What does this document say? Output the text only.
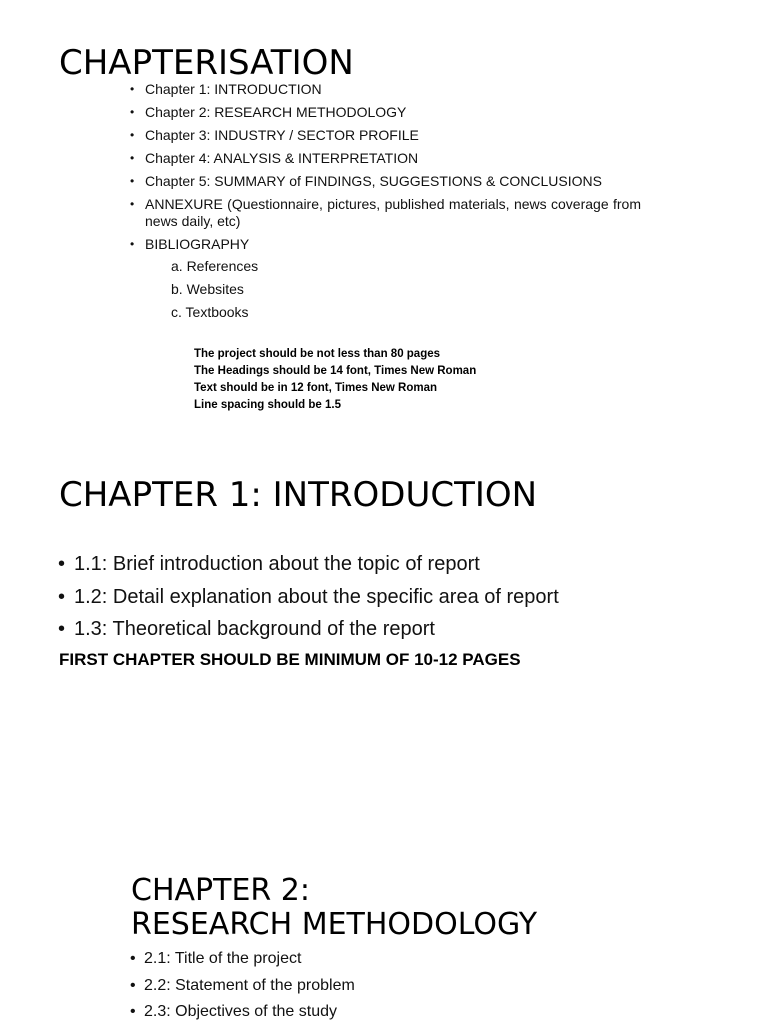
CHAPTERISATION
• Chapter 1: INTRODUCTION
• Chapter 2: RESEARCH METHODOLOGY
• Chapter 3: INDUSTRY / SECTOR PROFILE
• Chapter 4: ANALYSIS & INTERPRETATION
• Chapter 5: SUMMARY of FINDINGS, SUGGESTIONS & CONCLUSIONS
• ANNEXURE (Questionnaire, pictures, published materials, news coverage from news daily, etc)
• BIBLIOGRAPHY
a. References
b. Websites
c. Textbooks
The project should be not less than 80 pages
The Headings should be 14 font, Times New Roman
Text should be in 12 font, Times New Roman
Line spacing should be 1.5
CHAPTER 1: INTRODUCTION
• 1.1: Brief introduction about the topic of report
• 1.2: Detail explanation about the specific area of report
• 1.3: Theoretical background of the report
FIRST CHAPTER SHOULD BE MINIMUM OF 10-12 PAGES
CHAPTER 2:
RESEARCH METHODOLOGY
• 2.1: Title of the project
• 2.2: Statement of the problem
• 2.3: Objectives of the study
